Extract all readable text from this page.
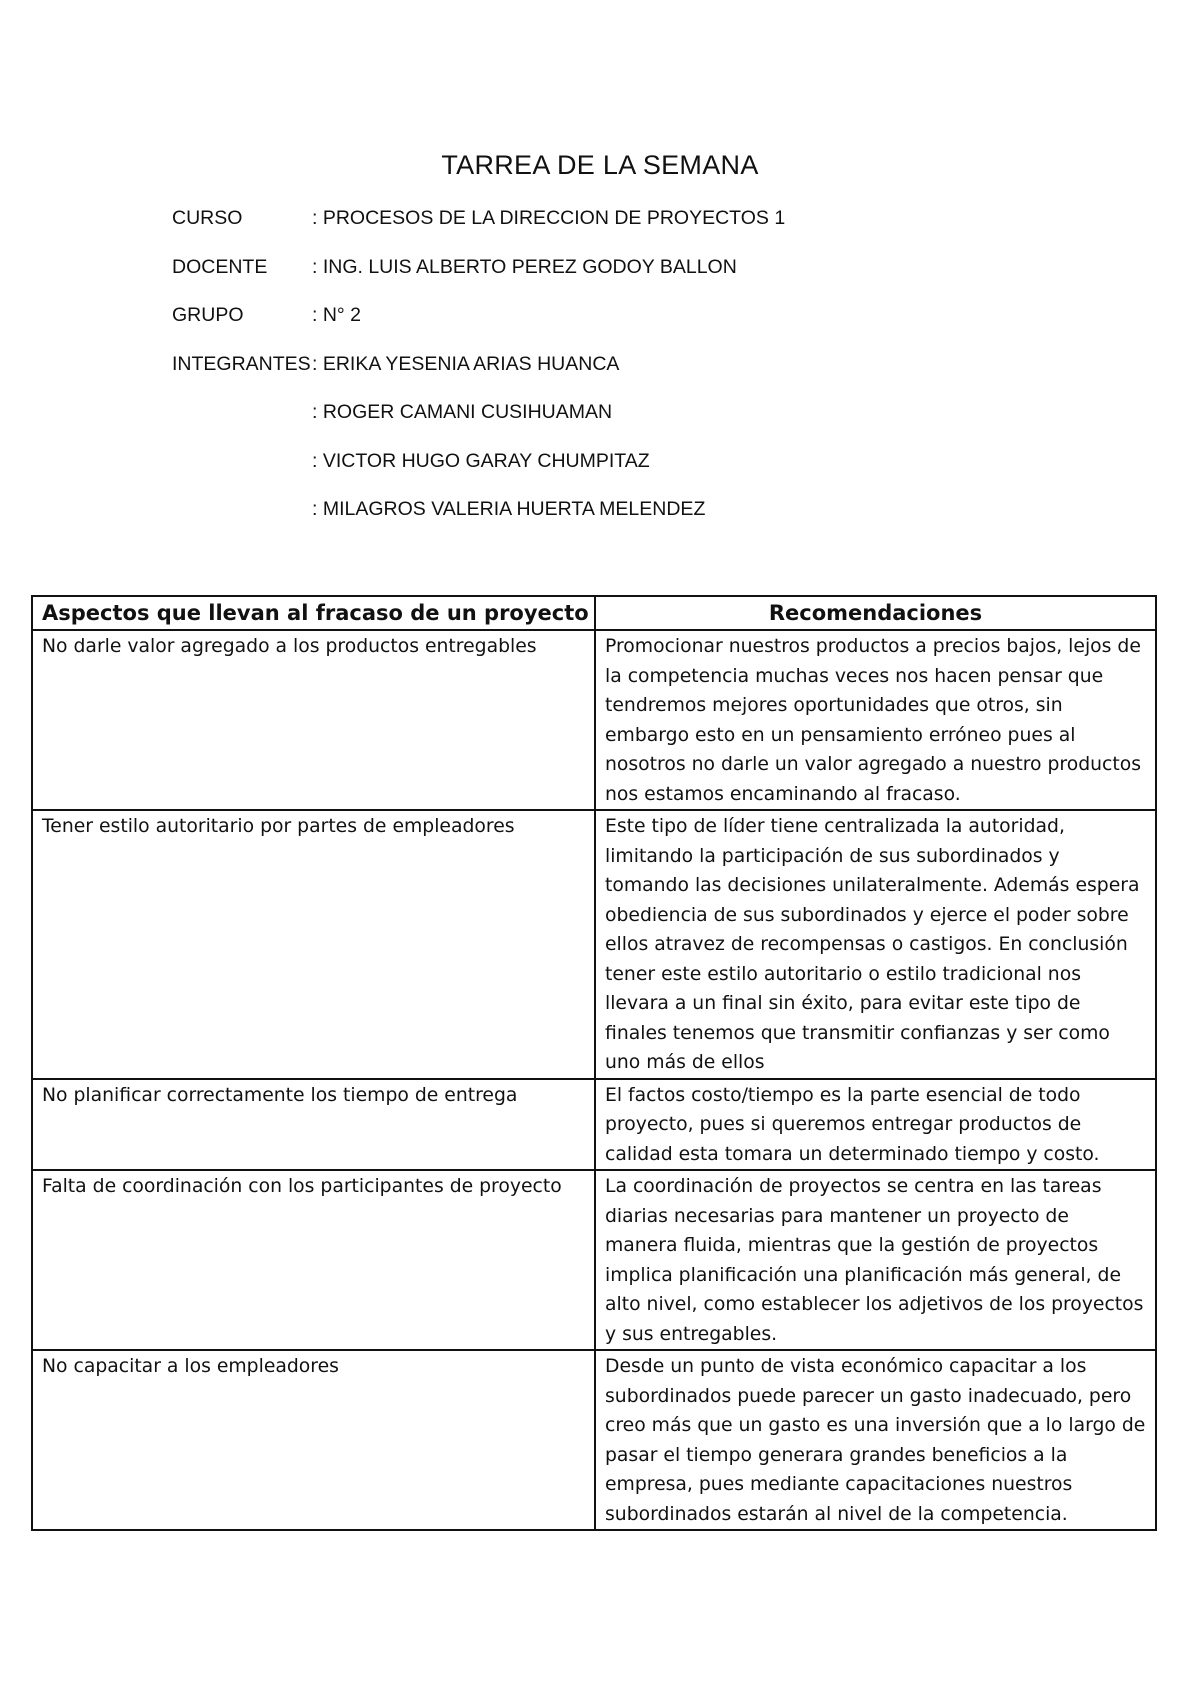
TARREA DE LA SEMANA
CURSO	: PROCESOS DE LA DIRECCION DE PROYECTOS 1
DOCENTE : ING. LUIS ALBERTO PEREZ GODOY BALLON
GRUPO	: N° 2
INTEGRANTES : ERIKA YESENIA ARIAS HUANCA
: ROGER CAMANI CUSIHUAMAN
: VICTOR HUGO GARAY CHUMPITAZ
: MILAGROS VALERIA HUERTA MELENDEZ
Aspectos que llevan al fracaso de un proyecto	Recomendaciones
No darle valor agregado a los productos entregables	Promocionar nuestros productos a precios bajos, lejos de la competencia muchas veces nos hacen pensar que tendremos mejores oportunidades que otros, sin embargo esto en un pensamiento erróneo pues al nosotros no darle un valor agregado a nuestro productos nos estamos encaminando al fracaso.
Tener estilo autoritario por partes de empleadores	Este tipo de líder tiene centralizada la autoridad, limitando la participación de sus subordinados y tomando las decisiones unilateralmente. Además espera obediencia de sus subordinados y ejerce el poder sobre ellos atravez de recompensas o castigos. En conclusión tener este estilo autoritario o estilo tradicional nos llevara a un final sin éxito, para evitar este tipo de finales tenemos que transmitir confianzas y ser como uno más de ellos
No planificar correctamente los tiempo de entrega	El factos costo/tiempo es la parte esencial de todo proyecto, pues si queremos entregar productos de calidad esta tomara un determinado tiempo y costo.
Falta de coordinación con los participantes de proyecto	La coordinación de proyectos se centra en las tareas diarias necesarias para mantener un proyecto de manera fluida, mientras que la gestión de proyectos implica planificación una planificación más general, de alto nivel, como establecer los adjetivos de los proyectos y sus entregables.
No capacitar a los empleadores	Desde un punto de vista económico capacitar a los subordinados puede parecer un gasto inadecuado, pero creo más que un gasto es una inversión que a lo largo de pasar el tiempo generara grandes beneficios a la empresa, pues mediante capacitaciones nuestros subordinados estarán al nivel de la competencia.
